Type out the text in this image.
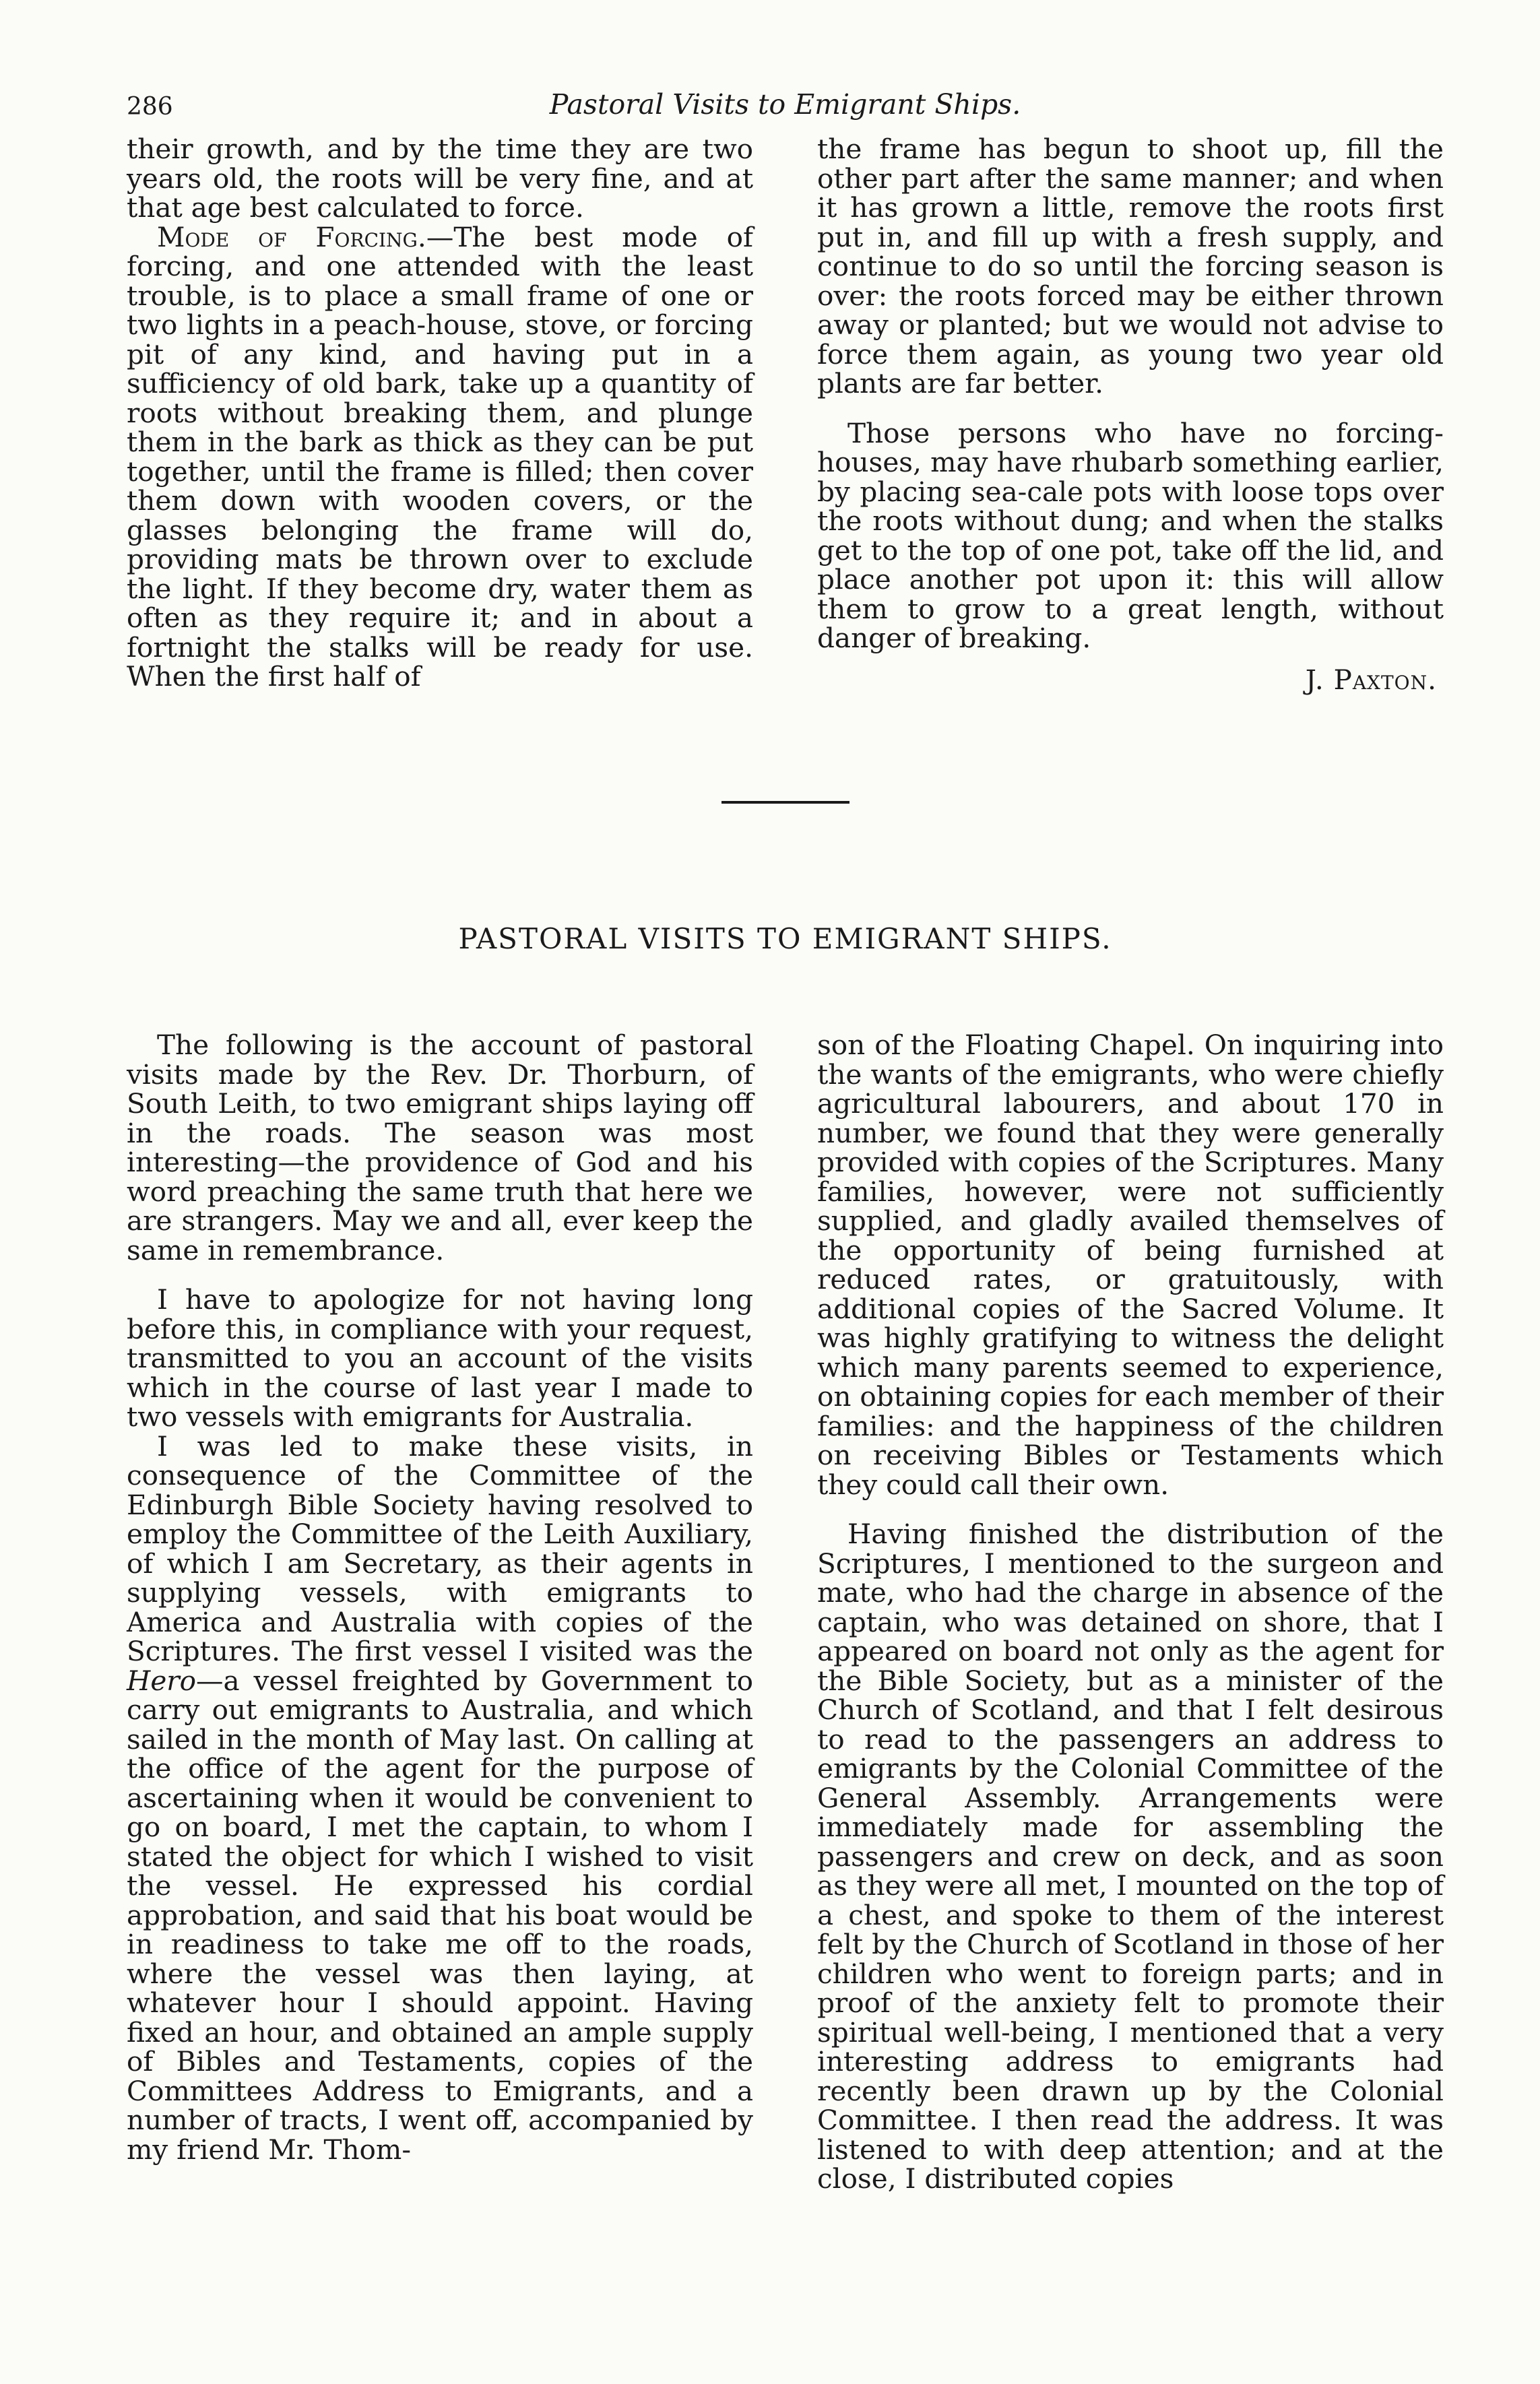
286	Pastoral Visits to Emigrant Ships.

their growth, and by the time they are two years old, the roots will be very fine, and at that age best calculated to force.

Mode of Forcing.—The best mode of forcing, and one attended with the least trouble, is to place a small frame of one or two lights in a peach-house, stove, or forcing pit of any kind, and having put in a sufficiency of old bark, take up a quantity of roots without breaking them, and plunge them in the bark as thick as they can be put together, until the frame is filled; then cover them down with wooden covers, or the glasses belonging the frame will do, providing mats be thrown over to exclude the light. If they become dry, water them as often as they require it; and in about a fortnight the stalks will be ready for use. When the first half of

the frame has begun to shoot up, fill the other part after the same manner; and when it has grown a little, remove the roots first put in, and fill up with a fresh supply, and continue to do so until the forcing season is over: the roots forced may be either thrown away or planted; but we would not advise to force them again, as young two year old plants are far better.

Those persons who have no forcing-houses, may have rhubarb something earlier, by placing sea-cale pots with loose tops over the roots without dung; and when the stalks get to the top of one pot, take off the lid, and place another pot upon it: this will allow them to grow to a great length, without danger of breaking.

J. Paxton.

PASTORAL VISITS TO EMIGRANT SHIPS.

The following is the account of pastoral visits made by the Rev. Dr. Thorburn, of South Leith, to two emigrant ships laying off in the roads. The season was most interesting—the providence of God and his word preaching the same truth that here we are strangers. May we and all, ever keep the same in remembrance.

I have to apologize for not having long before this, in compliance with your request, transmitted to you an account of the visits which in the course of last year I made to two vessels with emigrants for Australia.

I was led to make these visits, in consequence of the Committee of the Edinburgh Bible Society having resolved to employ the Committee of the Leith Auxiliary, of which I am Secretary, as their agents in supplying vessels, with emigrants to America and Australia with copies of the Scriptures. The first vessel I visited was the Hero—a vessel freighted by Government to carry out emigrants to Australia, and which sailed in the month of May last. On calling at the office of the agent for the purpose of ascertaining when it would be convenient to go on board, I met the captain, to whom I stated the object for which I wished to visit the vessel. He expressed his cordial approbation, and said that his boat would be in readiness to take me off to the roads, where the vessel was then laying, at whatever hour I should appoint. Having fixed an hour, and obtained an ample supply of Bibles and Testaments, copies of the Committees Address to Emigrants, and a number of tracts, I went off, accompanied by my friend Mr. Thom-

son of the Floating Chapel. On inquiring into the wants of the emigrants, who were chiefly agricultural labourers, and about 170 in number, we found that they were generally provided with copies of the Scriptures. Many families, however, were not sufficiently supplied, and gladly availed themselves of the opportunity of being furnished at reduced rates, or gratuitously, with additional copies of the Sacred Volume. It was highly gratifying to witness the delight which many parents seemed to experience, on obtaining copies for each member of their families: and the happiness of the children on receiving Bibles or Testaments which they could call their own.

Having finished the distribution of the Scriptures, I mentioned to the surgeon and mate, who had the charge in absence of the captain, who was detained on shore, that I appeared on board not only as the agent for the Bible Society, but as a minister of the Church of Scotland, and that I felt desirous to read to the passengers an address to emigrants by the Colonial Committee of the General Assembly. Arrangements were immediately made for assembling the passengers and crew on deck, and as soon as they were all met, I mounted on the top of a chest, and spoke to them of the interest felt by the Church of Scotland in those of her children who went to foreign parts; and in proof of the anxiety felt to promote their spiritual well-being, I mentioned that a very interesting address to emigrants had recently been drawn up by the Colonial Committee. I then read the address. It was listened to with deep attention; and at the close, I distributed copies
